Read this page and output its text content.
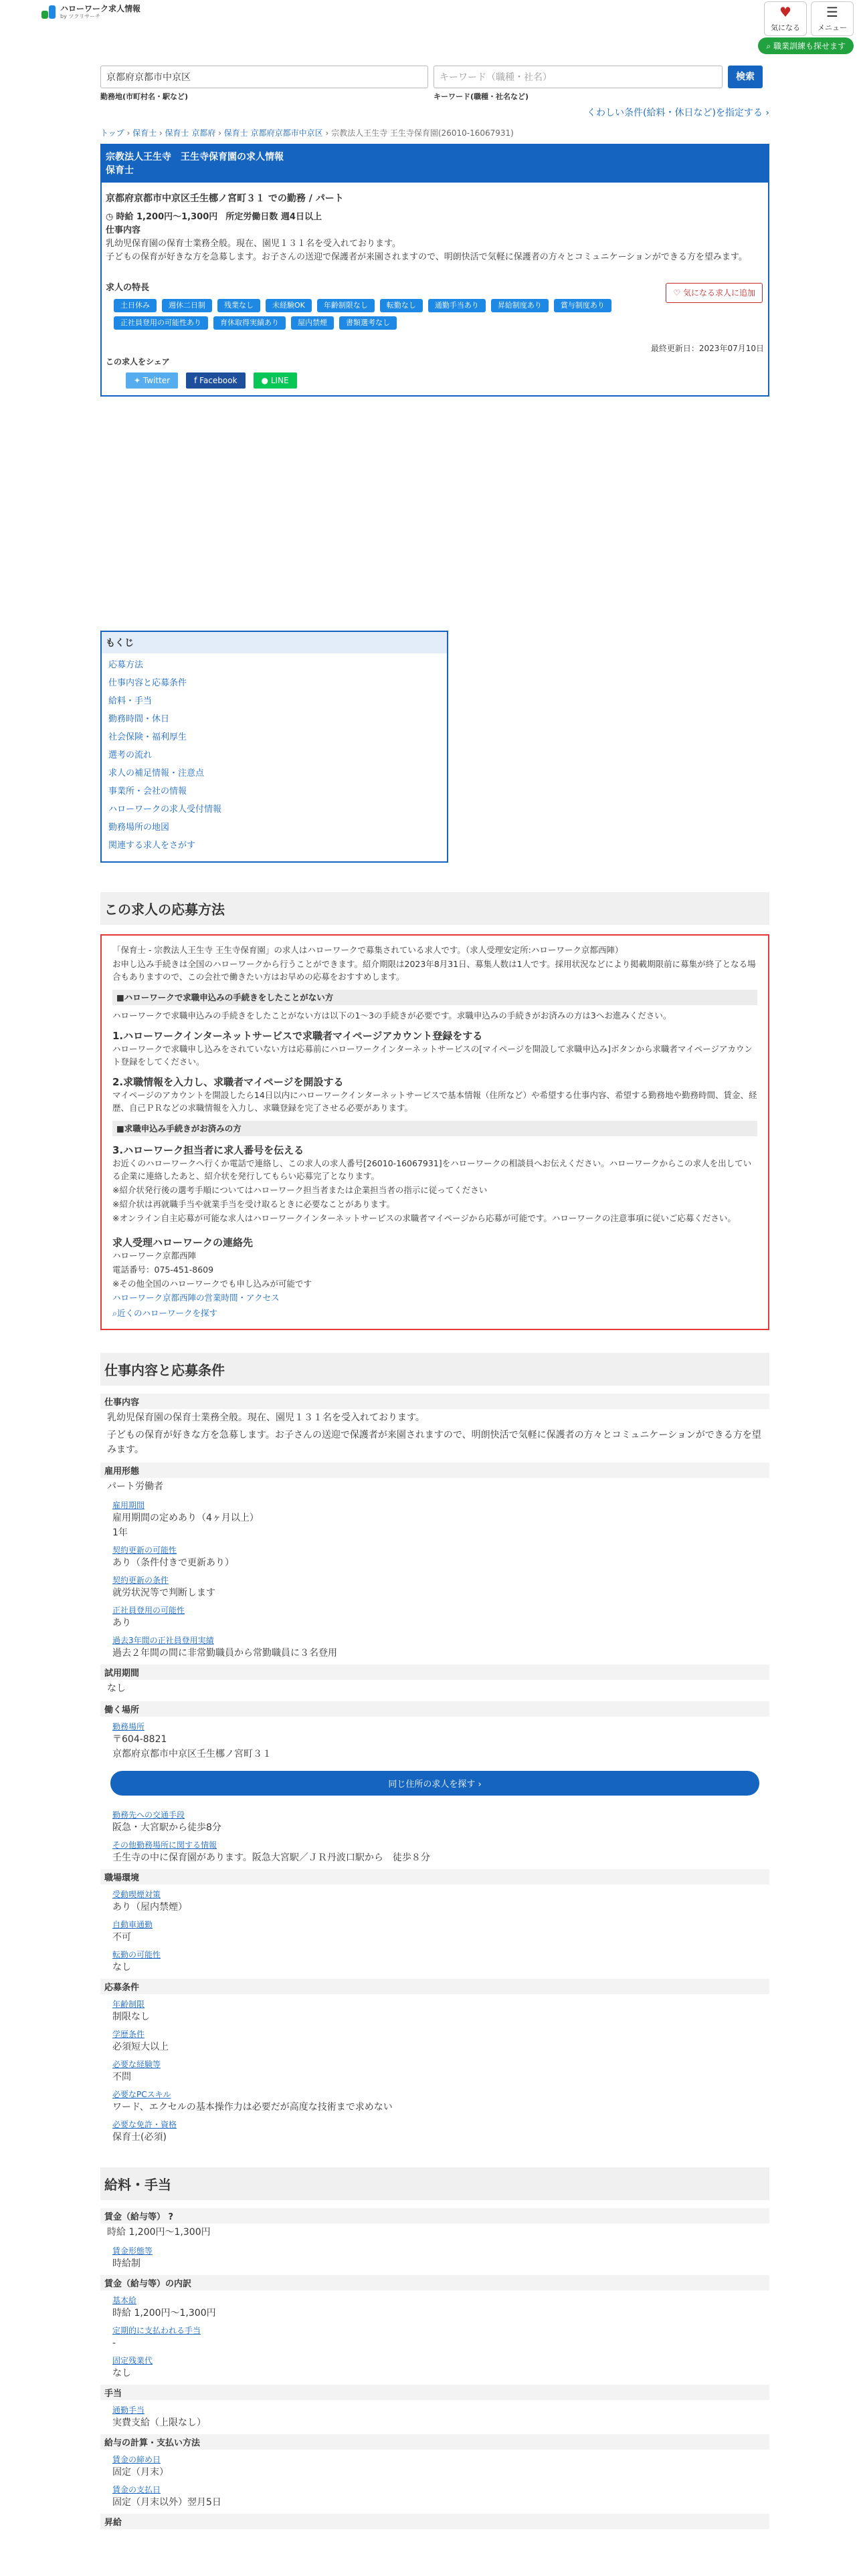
ハローワーク求人情報
by ツクリサーチ	♥
気になる
☰
メニュー
⌕ 職業訓練も探せます
京都府京都市中京区	キーワード（職種・社名）	検索
勤務地(市町村名・駅など)	キーワード(職種・社名など)
くわしい条件(給料・休日など)を指定する ›
トップ › 保育士 › 保育士 京都府 › 保育士 京都府京都市中京区 › 宗教法人王生寺 王生寺保育園(26010-16067931)
宗教法人王生寺　王生寺保育園の求人情報
保育士
京都府京都市中京区壬生梛ノ宮町３１ での勤務 / パート
◷ 時給 1,200円〜1,300円 所定労働日数 週4日以上
仕事内容
乳幼児保育園の保育士業務全般。現在、園児１３１名を受入れております。
子どもの保育が好きな方を急募します。お子さんの送迎で保護者が来園されますので、明朗快活で気軽に保護者の方々とコミュニケーションができる方を望みます。
求人の特長
土日休み	週休二日制	残業なし	未経験OK	年齢制限なし	転勤なし	通勤手当あり	昇給制度あり	賞与制度あり
正社員登用の可能性あり	育休取得実績あり	屋内禁煙	書類選考なし
♡ 気になる求人に追加
最終更新日：2023年07月10日
この求人をシェア
✦ Twitter	f Facebook	● LINE
もくじ
応募方法
仕事内容と応募条件
給料・手当
勤務時間・休日
社会保険・福利厚生
選考の流れ
求人の補足情報・注意点
事業所・会社の情報
ハローワークの求人受付情報
勤務場所の地図
関連する求人をさがす
この求人の応募方法

「保育士 - 宗教法人王生寺 王生寺保育園」の求人はハローワークで募集されている求人です。（求人受理安定所:ハローワーク京都西陣）

お申し込み手続きは全国のハローワークから行うことができます。紹介期限は2023年8月31日、募集人数は1人です。採用状況などにより掲載期限前に募集が終了となる場合もありますので、この会社で働きたい方はお早めの応募をおすすめします。

■ハローワークで求職申込みの手続きをしたことがない方

ハローワークで求職申込みの手続きをしたことがない方は以下の1〜3の手続きが必要です。求職申込みの手続きがお済みの方は3へお進みください。

1.ハローワークインターネットサービスで求職者マイページアカウント登録をする

ハローワークで求職申し込みをされていない方は応募前にハローワークインターネットサービスの[マイページを開設して求職申込み]ボタンから求職者マイページアカウント登録をしてください。

2.求職情報を入力し、求職者マイページを開設する

マイページのアカウントを開設したら14日以内にハローワークインターネットサービスで基本情報（住所など）や希望する仕事内容、希望する勤務地や勤務時間、賃金、経歴、自己ＰＲなどの求職情報を入力し、求職登録を完了させる必要があります。

■求職申込み手続きがお済みの方
3.ハローワーク担当者に求人番号を伝える

お近くのハローワークへ行くか電話で連絡し、この求人の求人番号[26010-16067931]をハローワークの相談員へお伝えください。ハローワークからこの求人を出している企業に連絡したあと、紹介状を発行してもらい応募完了となります。

※紹介状発行後の選考手順についてはハローワーク担当者または企業担当者の指示に従ってください

※紹介状は再就職手当や就業手当を受け取るときに必要なことがあります。

※オンライン自主応募が可能な求人はハローワークインターネットサービスの求職者マイページから応募が可能です。ハローワークの注意事項に従いご応募ください。

求人受理ハローワークの連絡先

ハローワーク京都西陣

電話番号：075-451-8609

※その他全国のハローワークでも申し込みが可能です

ハローワーク京都西陣の営業時間・アクセス

⌕近くのハローワークを探す

仕事内容と応募条件
仕事内容
乳幼児保育園の保育士業務全般。現在、園児１３１名を受入れております。
子どもの保育が好きな方を急募します。お子さんの送迎で保護者が来園されますので、明朗快活で気軽に保護者の方々とコミュニケーションができる方を望みます。
雇用形態
パート労働者
雇用期間
雇用期間の定めあり（4ヶ月以上）
1年
契約更新の可能性
あり（条件付きで更新あり）
契約更新の条件
就労状況等で判断します
正社員登用の可能性
あり
過去3年間の正社員登用実績
過去２年間の間に非常勤職員から常勤職員に３名登用
試用期間
なし
働く場所
勤務場所
〒604-8821
京都府京都市中京区壬生梛ノ宮町３１
同じ住所の求人を探す ›
勤務先への交通手段
阪急・大宮駅から徒歩8分
その他勤務場所に関する情報
壬生寺の中に保育園があります。阪急大宮駅／ＪＲ丹波口駅から　徒歩８分
職場環境
受動喫煙対策
あり（屋内禁煙）
自動車通勤
不可
転勤の可能性
なし
応募条件
年齢制限
制限なし
学歴条件
必須短大以上
必要な経験等
不問
必要なPCスキル
ワード、エクセルの基本操作力は必要だが高度な技術まで求めない
必要な免許・資格
保育士(必須)
給料・手当
賃金（給与等） ?
時給 1,200円〜1,300円
賃金形態等
時給制
賃金（給与等）の内訳
基本給
時給 1,200円〜1,300円
定期的に支払われる手当
-
固定残業代
なし
手当
通勤手当
実費支給（上限なし）
給与の計算・支払い方法
賃金の締め日
固定（月末）
賃金の支払日
固定（月末以外）翌月5日
昇給
